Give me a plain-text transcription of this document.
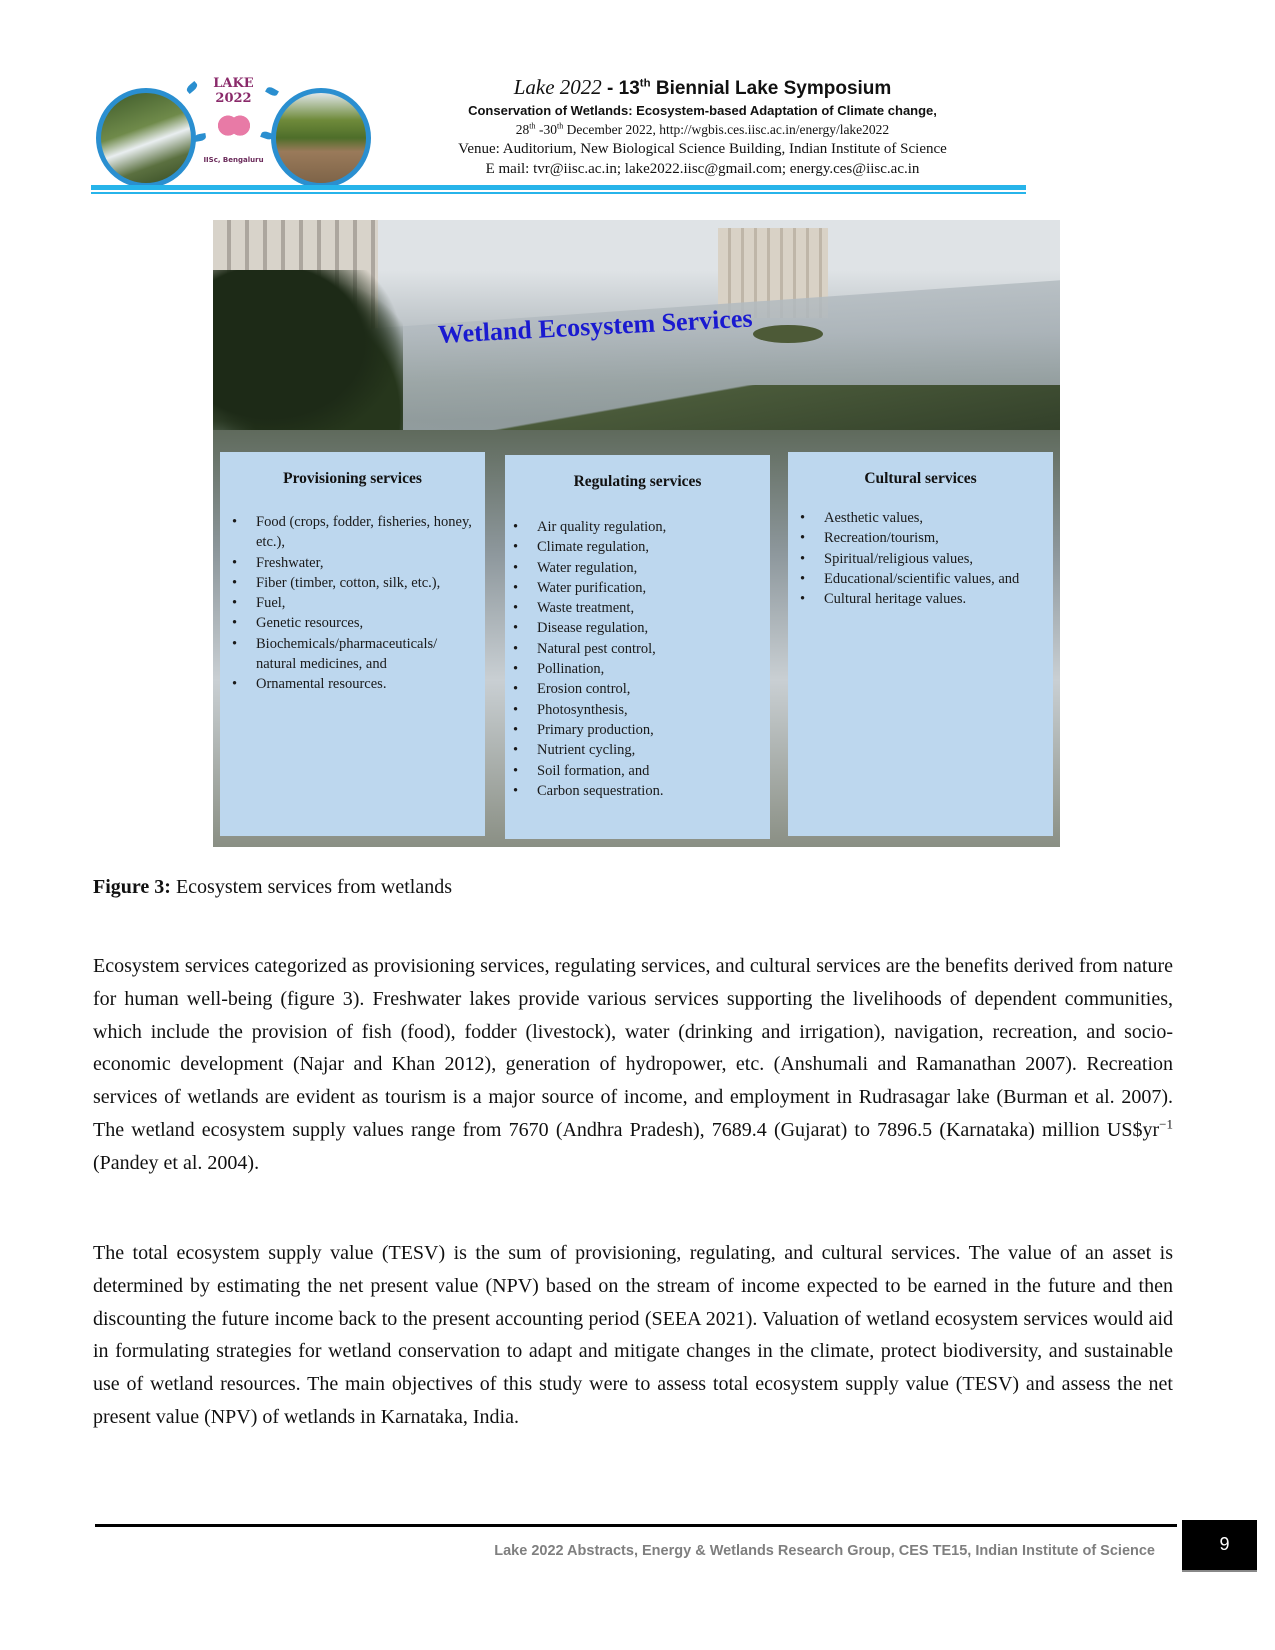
LAKE 2022
IISc, Bengaluru
Lake 2022 - 13th Biennial Lake Symposium
Conservation of Wetlands: Ecosystem-based Adaptation of Climate change,
28th -30th December 2022, http://wgbis.ces.iisc.ac.in/energy/lake2022
Venue: Auditorium, New Biological Science Building, Indian Institute of Science
E mail: tvr@iisc.ac.in; lake2022.iisc@gmail.com; energy.ces@iisc.ac.in
Wetland Ecosystem Services
Provisioning services
• Food (crops, fodder, fisheries, honey, etc.),
• Freshwater,
• Fiber (timber, cotton, silk, etc.),
• Fuel,
• Genetic resources,
• Biochemicals/pharmaceuticals/ natural medicines, and
• Ornamental resources.
Regulating services
• Air quality regulation,
• Climate regulation,
• Water regulation,
• Water purification,
• Waste treatment,
• Disease regulation,
• Natural pest control,
• Pollination,
• Erosion control,
• Photosynthesis,
• Primary production,
• Nutrient cycling,
• Soil formation, and
• Carbon sequestration.
Cultural services
• Aesthetic values,
• Recreation/tourism,
• Spiritual/religious values,
• Educational/scientific values, and
• Cultural heritage values.
Figure 3: Ecosystem services from wetlands

Ecosystem services categorized as provisioning services, regulating services, and cultural services are the benefits derived from nature for human well-being (figure 3). Freshwater lakes provide various services supporting the livelihoods of dependent communities, which include the provision of fish (food), fodder (livestock), water (drinking and irrigation), navigation, recreation, and socio-economic development (Najar and Khan 2012), generation of hydropower, etc. (Anshumali and Ramanathan 2007). Recreation services of wetlands are evident as tourism is a major source of income, and employment in Rudrasagar lake (Burman et al. 2007). The wetland ecosystem supply values range from 7670 (Andhra Pradesh), 7689.4 (Gujarat) to 7896.5 (Karnataka) million $US\$yr^{-1}$ (Pandey et al. 2004).

The total ecosystem supply value (TESV) is the sum of provisioning, regulating, and cultural services. The value of an asset is determined by estimating the net present value (NPV) based on the stream of income expected to be earned in the future and then discounting the future income back to the present accounting period (SEEA 2021). Valuation of wetland ecosystem services would aid in formulating strategies for wetland conservation to adapt and mitigate changes in the climate, protect biodiversity, and sustainable use of wetland resources. The main objectives of this study were to assess total ecosystem supply value (TESV) and assess the net present value (NPV) of wetlands in Karnataka, India.

Lake 2022 Abstracts, Energy & Wetlands Research Group, CES TE15, Indian Institute of Science	9
